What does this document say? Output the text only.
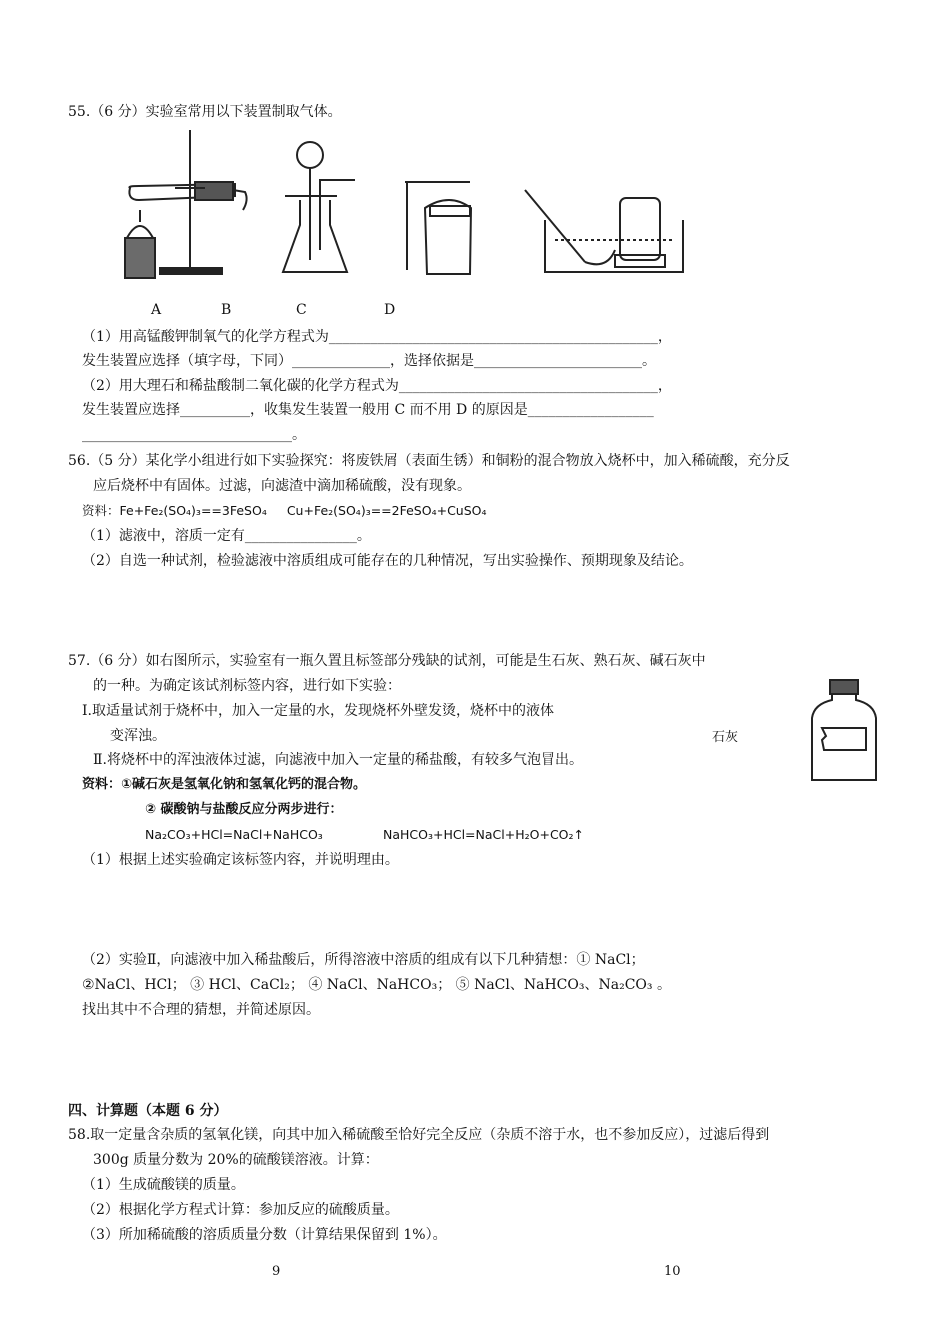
55.（6 分）实验室常用以下装置制取气体。
A	B	C	D
（1）用高锰酸钾制氧气的化学方程式为_______________________________________________，
发生装置应选择（填字母，下同）______________，选择依据是________________________。
（2）用大理石和稀盐酸制二氧化碳的化学方程式为_____________________________________，
发生装置应选择__________，收集发生装置一般用 C 而不用 D 的原因是__________________
______________________________。
56.（5 分）某化学小组进行如下实验探究：将废铁屑（表面生锈）和铜粉的混合物放入烧杯中，加入稀硫酸，充分反
应后烧杯中有固体。过滤，向滤渣中滴加稀硫酸，没有现象。
资料：Fe+Fe₂(SO₄)₃==3FeSO₄ Cu+Fe₂(SO₄)₃==2FeSO₄+CuSO₄
（1）滤液中，溶质一定有________________。
（2）自选一种试剂，检验滤液中溶质组成可能存在的几种情况，写出实验操作、预期现象及结论。
57.（6 分）如右图所示，实验室有一瓶久置且标签部分残缺的试剂，可能是生石灰、熟石灰、碱石灰中
的一种。为确定该试剂标签内容，进行如下实验：
Ⅰ.取适量试剂于烧杯中，加入一定量的水，发现烧杯外壁发烫，烧杯中的液体
变浑浊。	石灰
Ⅱ.将烧杯中的浑浊液体过滤，向滤液中加入一定量的稀盐酸，有较多气泡冒出。
资料：①碱石灰是氢氧化钠和氢氧化钙的混合物。
② 碳酸钠与盐酸反应分两步进行：
Na₂CO₃+HCl=NaCl+NaHCO₃	NaHCO₃+HCl=NaCl+H₂O+CO₂↑
（1）根据上述实验确定该标签内容，并说明理由。
（2）实验Ⅱ，向滤液中加入稀盐酸后，所得溶液中溶质的组成有以下几种猜想：① NaCl；
②NaCl、HCl； ③ HCl、CaCl₂； ④ NaCl、NaHCO₃； ⑤ NaCl、NaHCO₃、Na₂CO₃ 。
找出其中不合理的猜想，并简述原因。
四、计算题（本题 6 分）
58.取一定量含杂质的氢氧化镁，向其中加入稀硫酸至恰好完全反应（杂质不溶于水，也不参加反应），过滤后得到
300g 质量分数为 20%的硫酸镁溶液。计算：
（1）生成硫酸镁的质量。
（2）根据化学方程式计算：参加反应的硫酸质量。
（3）所加稀硫酸的溶质质量分数（计算结果保留到 1%）。
9	10
